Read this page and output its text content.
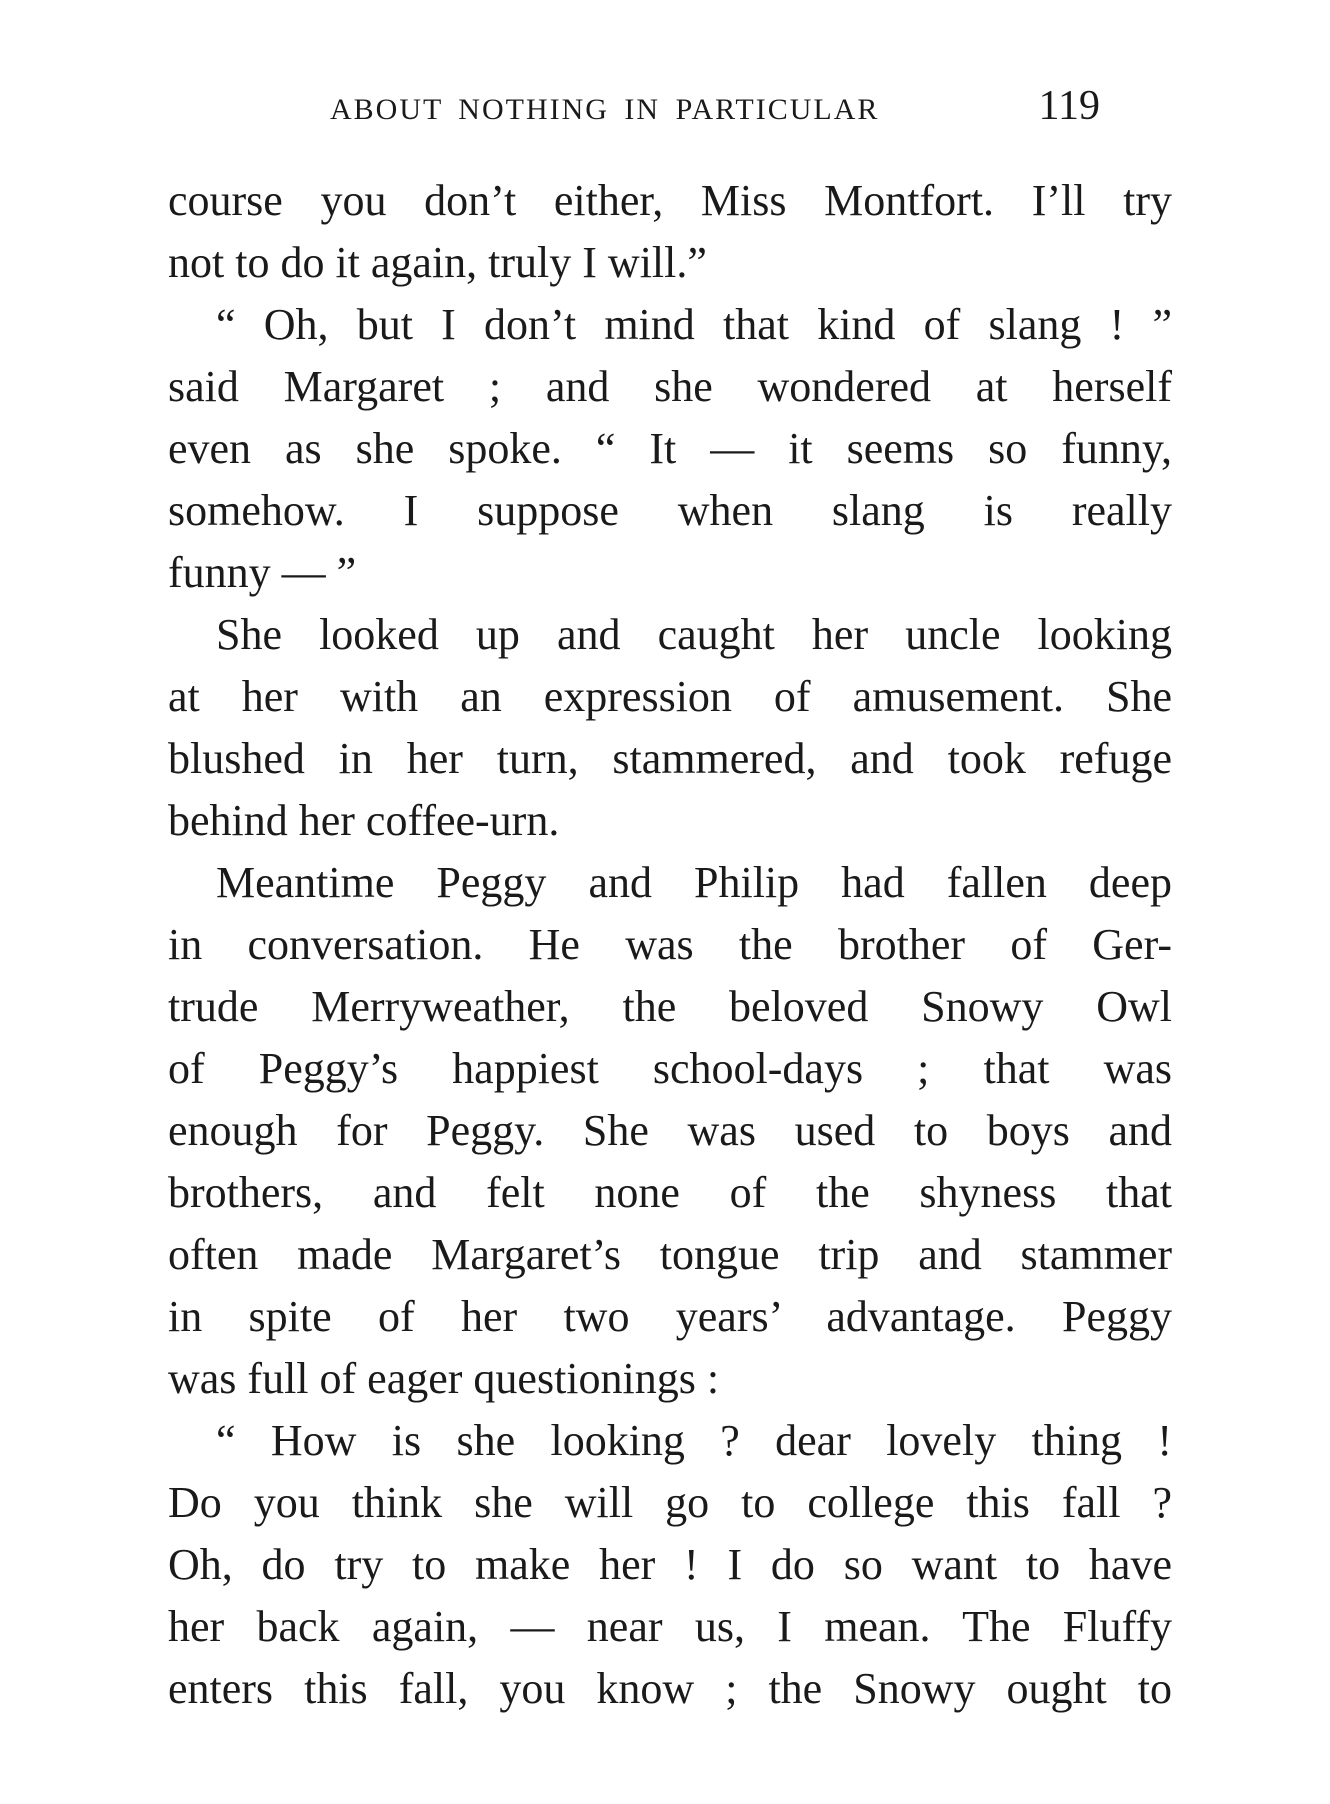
ABOUT NOTHING IN PARTICULAR	119
course you don’t either, Miss Montfort. I’ll try
not to do it again, truly I will.”
“ Oh, but I don’t mind that kind of slang ! ”
said Margaret ; and she wondered at herself
even as she spoke. “ It — it seems so funny,
somehow. I suppose when slang is really
funny — ”
She looked up and caught her uncle looking
at her with an expression of amusement. She
blushed in her turn, stammered, and took refuge
behind her coffee-urn.
Meantime Peggy and Philip had fallen deep
in conversation. He was the brother of Ger-
trude Merryweather, the beloved Snowy Owl
of Peggy’s happiest school-days ; that was
enough for Peggy. She was used to boys and
brothers, and felt none of the shyness that
often made Margaret’s tongue trip and stammer
in spite of her two years’ advantage. Peggy
was full of eager questionings :
“ How is she looking ? dear lovely thing !
Do you think she will go to college this fall ?
Oh, do try to make her ! I do so want to have
her back again, — near us, I mean. The Fluffy
enters this fall, you know ; the Snowy ought to
